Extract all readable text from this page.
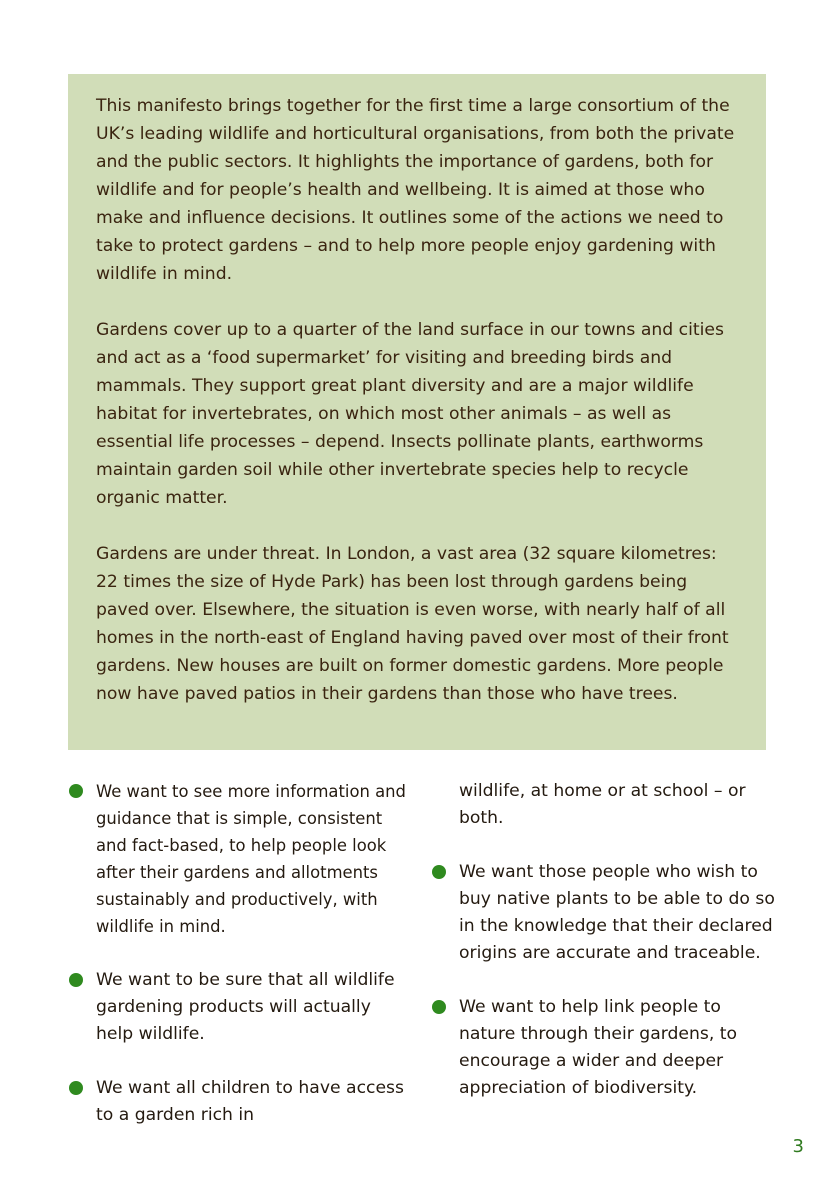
This manifesto brings together for the first time a large consortium of the UK’s leading wildlife and horticultural organisations, from both the private and the public sectors. It highlights the importance of gardens, both for wildlife and for people’s health and wellbeing. It is aimed at those who make and influence decisions. It outlines some of the actions we need to take to protect gardens – and to help more people enjoy gardening with wildlife in mind.

Gardens cover up to a quarter of the land surface in our towns and cities and act as a ‘food supermarket’ for visiting and breeding birds and mammals. They support great plant diversity and are a major wildlife habitat for invertebrates, on which most other animals – as well as essential life processes – depend. Insects pollinate plants, earthworms maintain garden soil while other invertebrate species help to recycle organic matter.

Gardens are under threat. In London, a vast area (32 square kilometres: 22 times the size of Hyde Park) has been lost through gardens being paved over. Elsewhere, the situation is even worse, with nearly half of all homes in the north-east of England having paved over most of their front gardens. New houses are built on former domestic gardens. More people now have paved patios in their gardens than those who have trees.

We want to see more information and guidance that is simple, consistent and fact-based, to help people look after their gardens and allotments sustainably and productively, with wildlife in mind.
We want to be sure that all wildlife gardening products will actually help wildlife.
We want all children to have access to a garden rich in
wildlife, at home or at school – or both.
We want those people who wish to buy native plants to be able to do so in the knowledge that their declared origins are accurate and traceable.
We want to help link people to nature through their gardens, to encourage a wider and deeper appreciation of biodiversity.
3
